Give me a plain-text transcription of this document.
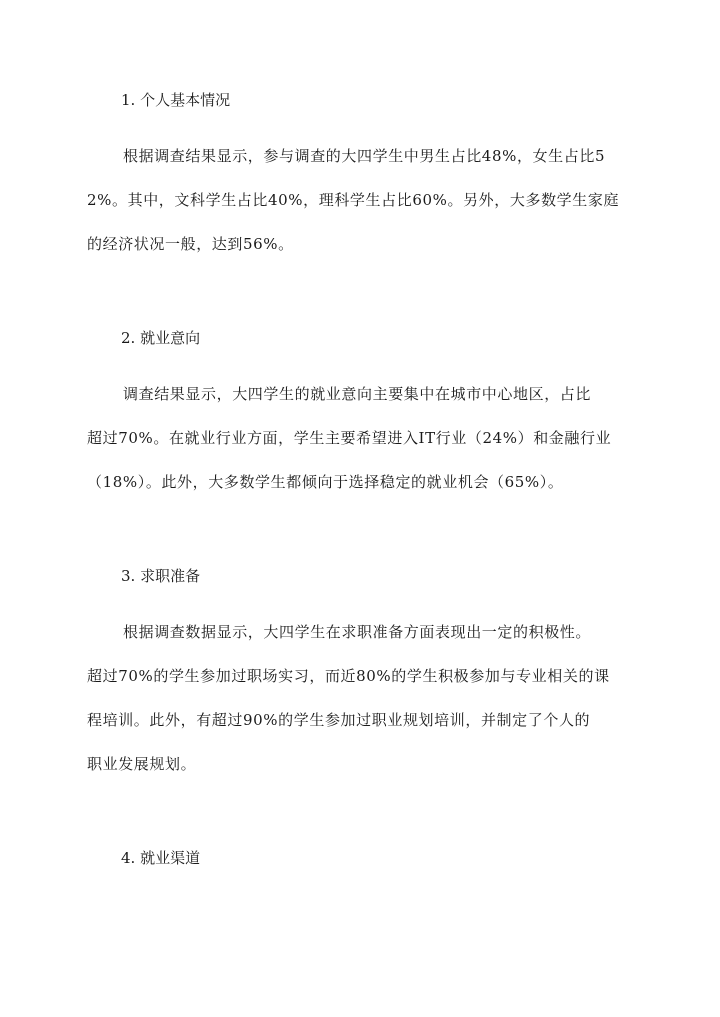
1. 个人基本情况
根据调查结果显示，参与调查的大四学生中男生占比48%，女生占比5
2%。其中，文科学生占比40%，理科学生占比60%。另外，大多数学生家庭
的经济状况一般，达到56%。
2. 就业意向
调查结果显示，大四学生的就业意向主要集中在城市中心地区，占比
超过70%。在就业行业方面，学生主要希望进入IT行业（24%）和金融行业
（18%）。此外，大多数学生都倾向于选择稳定的就业机会（65%）。
3. 求职准备
根据调查数据显示，大四学生在求职准备方面表现出一定的积极性。
超过70%的学生参加过职场实习，而近80%的学生积极参加与专业相关的课
程培训。此外，有超过90%的学生参加过职业规划培训，并制定了个人的
职业发展规划。
4. 就业渠道
